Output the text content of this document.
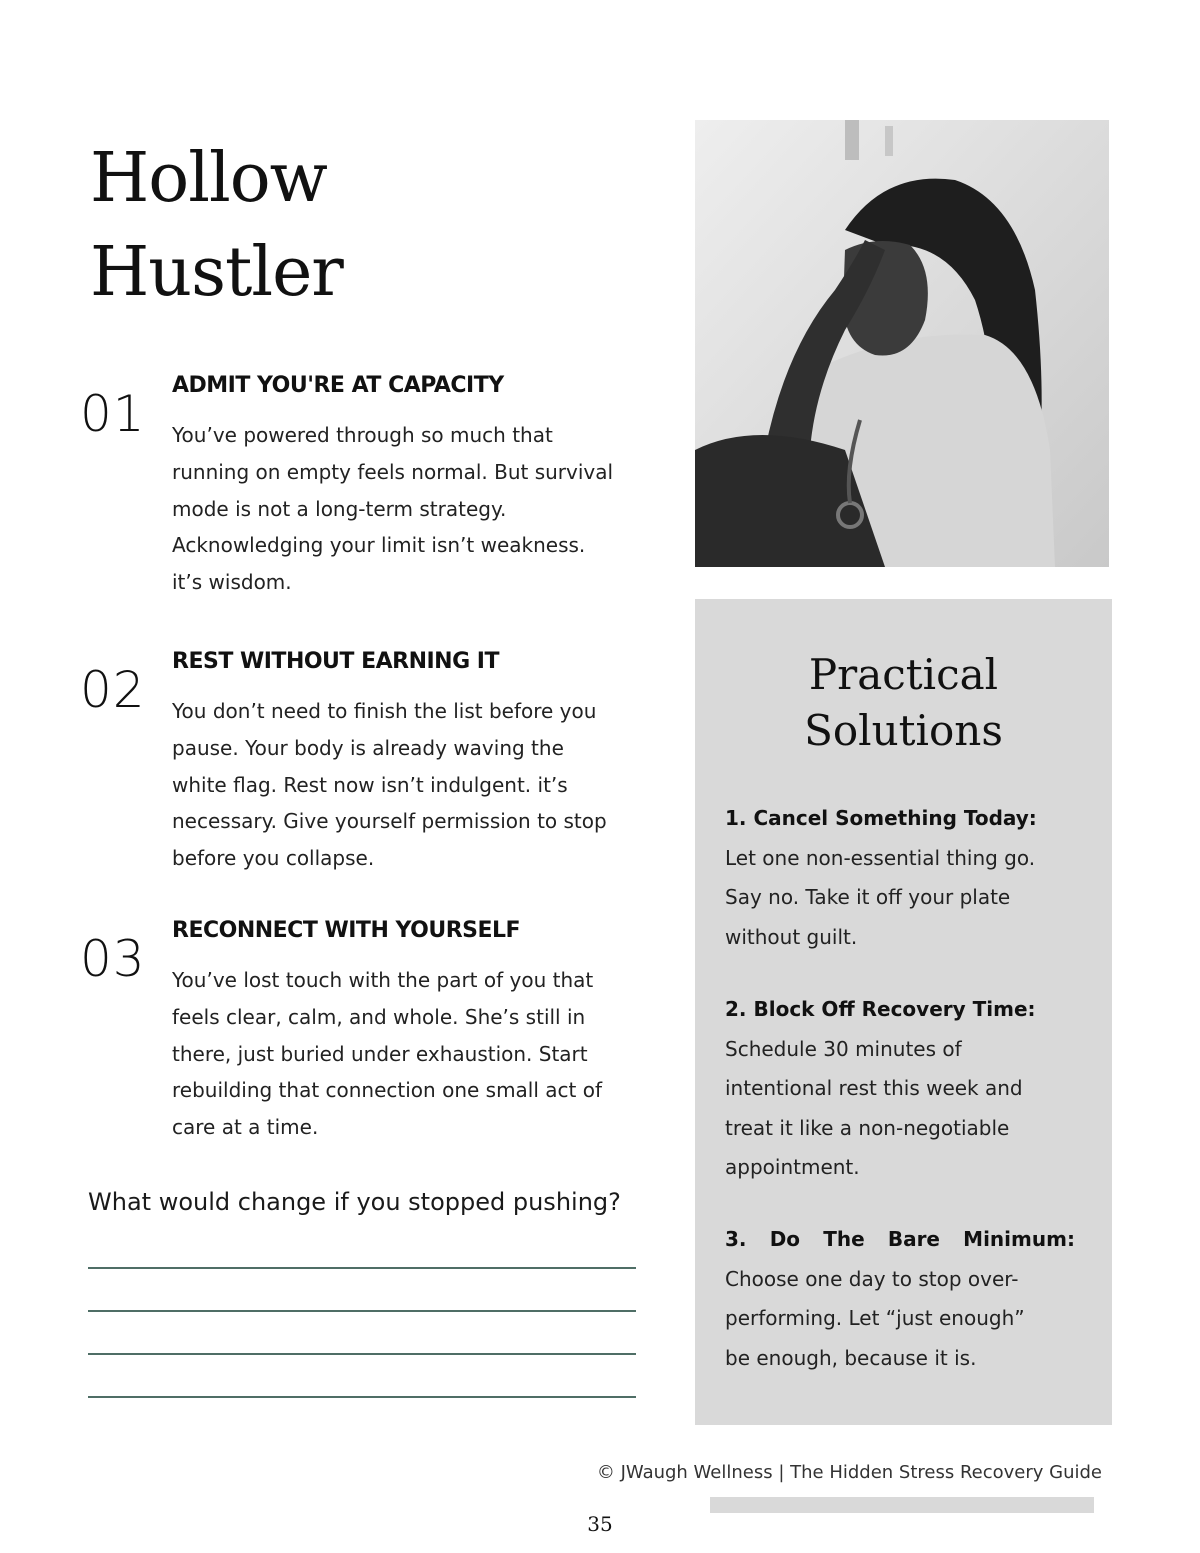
Hollow
Hustler
01 ADMIT YOU'RE AT CAPACITY
You’ve powered through so much that
running on empty feels normal. But survival
mode is not a long-term strategy.
Acknowledging your limit isn’t weakness.
it’s wisdom.
02 REST WITHOUT EARNING IT
You don’t need to finish the list before you
pause. Your body is already waving the
white flag. Rest now isn’t indulgent. it’s
necessary. Give yourself permission to stop
before you collapse.
03 RECONNECT WITH YOURSELF
You’ve lost touch with the part of you that
feels clear, calm, and whole. She’s still in
there, just buried under exhaustion. Start
rebuilding that connection one small act of
care at a time.
What would change if you stopped pushing?
Practical
Solutions
1. Cancel Something Today:
Let one non-essential thing go.
Say no. Take it off your plate
without guilt.
2. Block Off Recovery Time:
Schedule 30 minutes of
intentional rest this week and
treat it like a non-negotiable
appointment.
3. Do The Bare Minimum:
Choose one day to stop over-
performing. Let “just enough”
be enough, because it is.
© JWaugh Wellness | The Hidden Stress Recovery Guide
35
